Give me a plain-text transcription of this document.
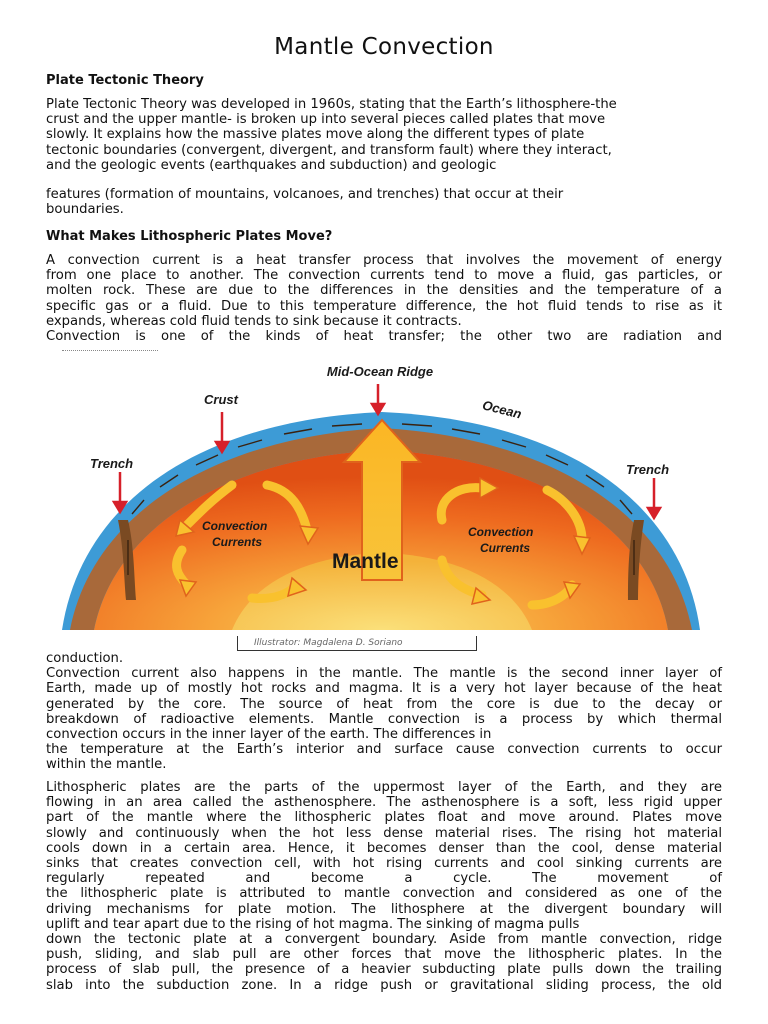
Mantle Convection
Plate Tectonic Theory
Plate Tectonic Theory was developed in 1960s, stating that the Earth’s lithosphere-the
crust and the upper mantle- is broken up into several pieces called plates that move
slowly. It explains how the massive plates move along the different types of plate
tectonic boundaries (convergent, divergent, and transform fault) where they interact,
and the geologic events (earthquakes and subduction) and geologic
features (formation of mountains, volcanoes, and trenches) that occur at their
boundaries.
What Makes Lithospheric Plates Move?
A convection current is a heat transfer process that involves the movement of energy
from one place to another. The convection currents tend to move a fluid, gas particles, or
molten rock. These are due to the differences in the densities and the temperature of a
specific gas or a fluid. Due to this temperature difference, the hot fluid tends to rise as it
expands, whereas cold fluid tends to sink because it contracts.
Convection is one of the kinds of heat transfer; the other two are radiation and
Mid-Ocean Ridge
Crust	Ocean
Trench	Trench
Convection
Currents
Convection
Currents
Mantle
Illustrator: Magdalena D. Soriano
conduction.
Convection current also happens in the mantle. The mantle is the second inner layer of
Earth, made up of mostly hot rocks and magma. It is a very hot layer because of the heat
generated by the core. The source of heat from the core is due to the decay or
breakdown of radioactive elements. Mantle convection is a process by which thermal
convection occurs in the inner layer of the earth. The differences in
the temperature at the Earth’s interior and surface cause convection currents to occur
within the mantle.
Lithospheric plates are the parts of the uppermost layer of the Earth, and they are
flowing in an area called the asthenosphere. The asthenosphere is a soft, less rigid upper
part of the mantle where the lithospheric plates float and move around. Plates move
slowly and continuously when the hot less dense material rises. The rising hot material
cools down in a certain area. Hence, it becomes denser than the cool, dense material
sinks that creates convection cell, with hot rising currents and cool sinking currents are
regularly repeated and become a cycle. The movement of
the lithospheric plate is attributed to mantle convection and considered as one of the
driving mechanisms for plate motion. The lithosphere at the divergent boundary will
uplift and tear apart due to the rising of hot magma. The sinking of magma pulls
down the tectonic plate at a convergent boundary. Aside from mantle convection, ridge
push, sliding, and slab pull are other forces that move the lithospheric plates. In the
process of slab pull, the presence of a heavier subducting plate pulls down the trailing
slab into the subduction zone. In a ridge push or gravitational sliding process, the old
